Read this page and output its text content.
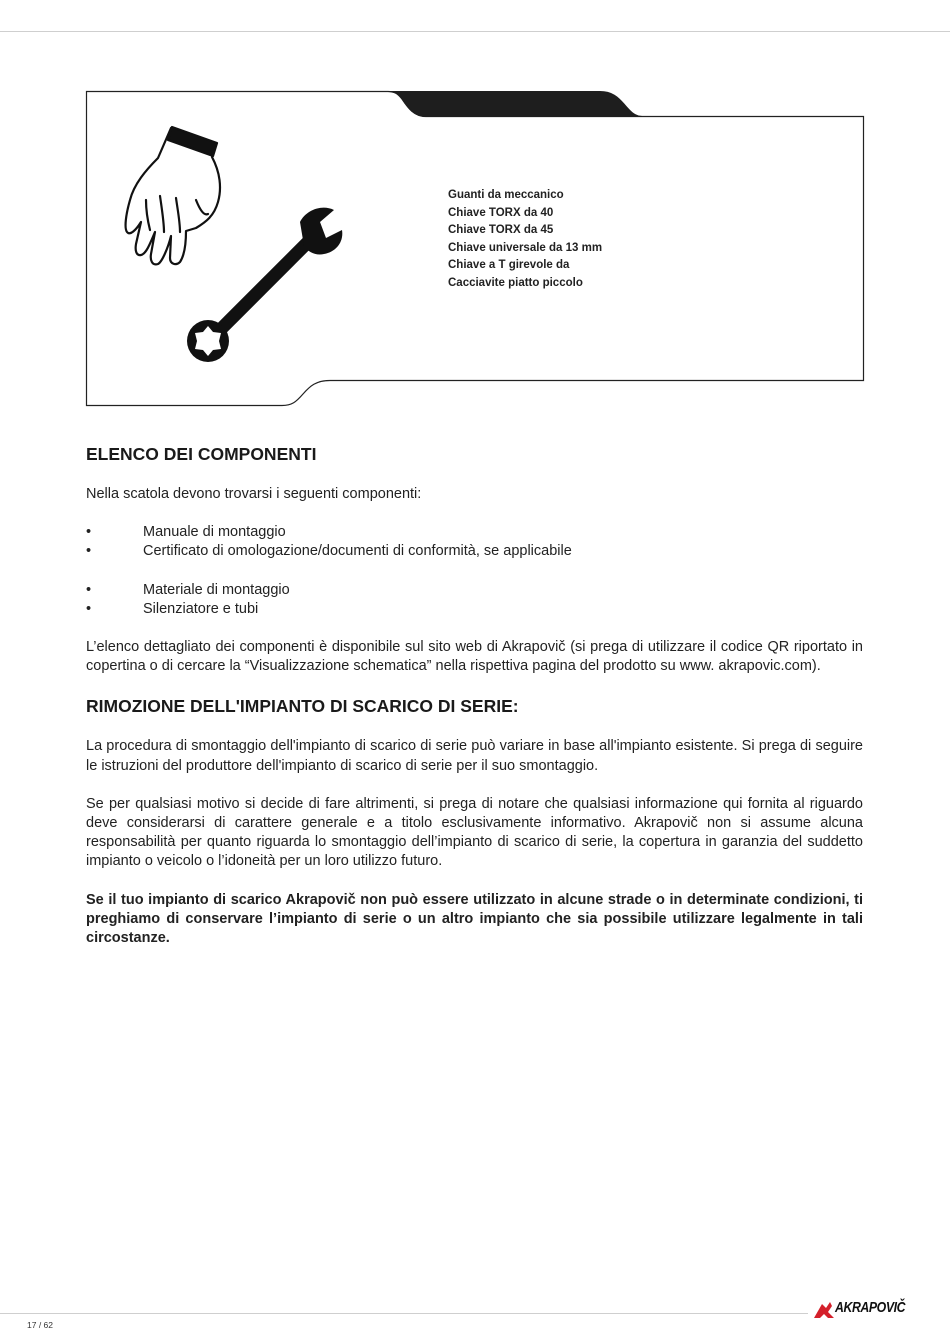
Guanti da meccanico
Chiave TORX da 40
Chiave TORX da 45
Chiave universale da 13 mm
Chiave a T girevole da
Cacciavite piatto piccolo
ELENCO DEI COMPONENTI

Nella scatola devono trovarsi i seguenti componenti:

• Manuale di montaggio
• Certificato di omologazione/documenti di conformità, se applicabile
• Materiale di montaggio
• Silenziatore e tubi

L’elenco dettagliato dei componenti è disponibile sul sito web di Akrapovič (si prega di utilizzare il codice QR riportato in copertina o di cercare la “Visualizzazione schematica” nella rispettiva pagina del prodotto su www. akrapovic.com).

RIMOZIONE DELL'IMPIANTO DI SCARICO DI SERIE:

La procedura di smontaggio dell'impianto di scarico di serie può variare in base all'impianto esistente. Si prega di seguire le istruzioni del produttore dell'impianto di scarico di serie per il suo smontaggio.

Se per qualsiasi motivo si decide di fare altrimenti, si prega di notare che qualsiasi informazione qui fornita al riguardo deve considerarsi di carattere generale e a titolo esclusivamente informativo. Akrapovič non si assume alcuna responsabilità per quanto riguarda lo smontaggio dell’impianto di scarico di serie, la copertura in garanzia del suddetto impianto o veicolo o l’idoneità per un loro utilizzo futuro.

Se il tuo impianto di scarico Akrapovič non può essere utilizzato in alcune strade o in determinate condizioni, ti preghiamo di conservare l’impianto di serie o un altro impianto che sia possibile utilizzare legalmente in tali circostanze.

17 / 62
AKRAPOVIČ
